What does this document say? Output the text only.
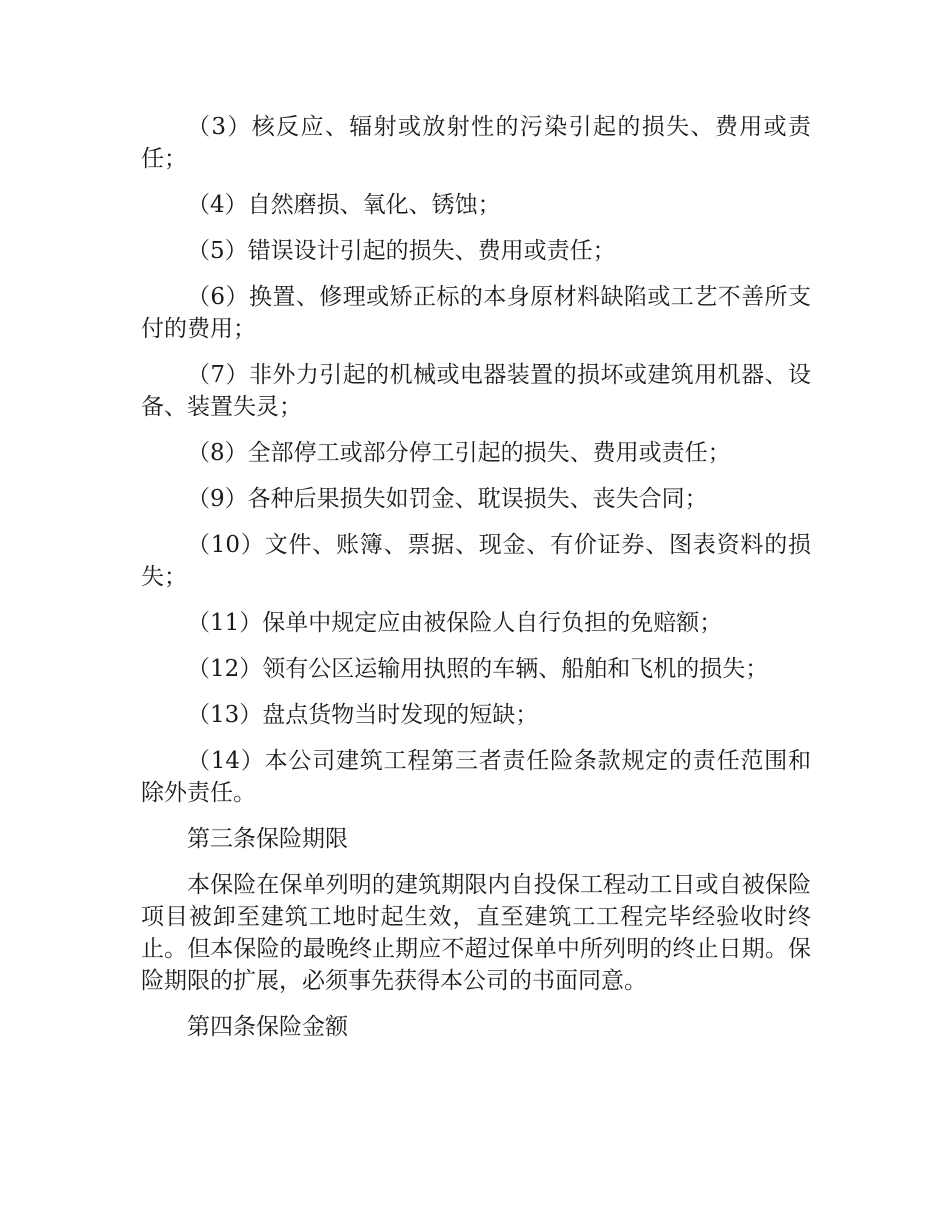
（3）核反应、辐射或放射性的污染引起的损失、费用或责任；

（4）自然磨损、氧化、锈蚀；

（5）错误设计引起的损失、费用或责任；

（6）换置、修理或矫正标的本身原材料缺陷或工艺不善所支付的费用；

（7）非外力引起的机械或电器装置的损坏或建筑用机器、设备、装置失灵；

（8）全部停工或部分停工引起的损失、费用或责任；

（9）各种后果损失如罚金、耽误损失、丧失合同；

（10）文件、账簿、票据、现金、有价证券、图表资料的损失；

（11）保单中规定应由被保险人自行负担的免赔额；

（12）领有公区运输用执照的车辆、船舶和飞机的损失；

（13）盘点货物当时发现的短缺；

（14）本公司建筑工程第三者责任险条款规定的责任范围和除外责任。

第三条保险期限

本保险在保单列明的建筑期限内自投保工程动工日或自被保险项目被卸至建筑工地时起生效，直至建筑工工程完毕经验收时终止。但本保险的最晚终止期应不超过保单中所列明的终止日期。保险期限的扩展，必须事先获得本公司的书面同意。

第四条保险金额
